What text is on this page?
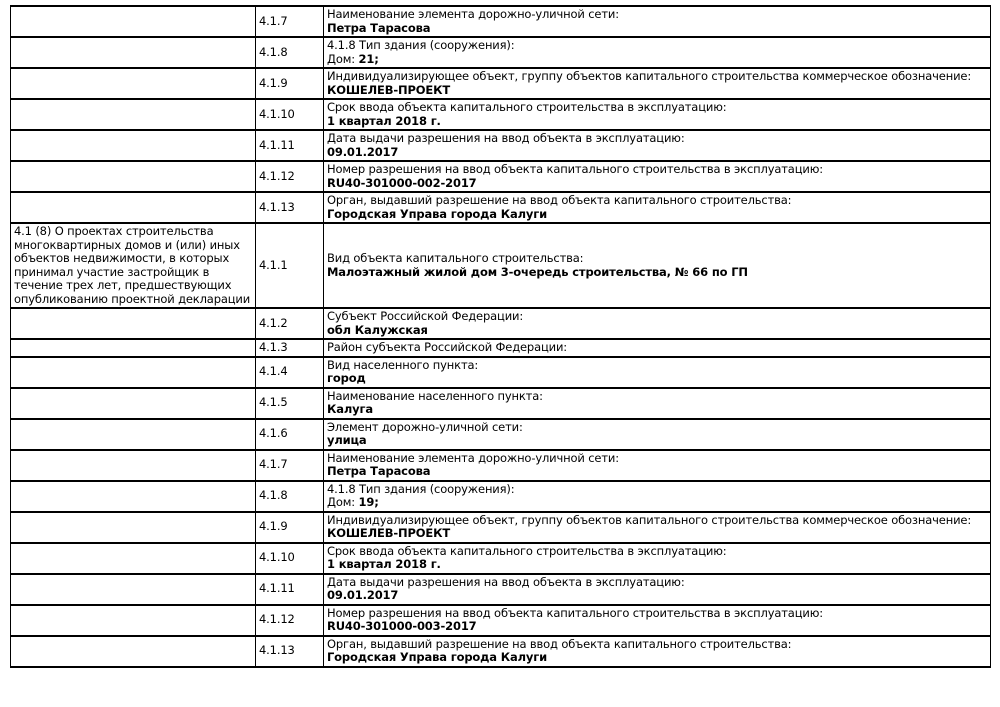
	4.1.7	Наименование элемента дорожно-уличной сети:
Петра Тарасова

	4.1.8	4.1.8 Тип здания (сооружения):
Дом: 21;

	4.1.9	Индивидуализирующее объект, группу объектов капитального строительства коммерческое обозначение:
КОШЕЛЕВ-ПРОЕКТ

	4.1.10	Срок ввода объекта капитального строительства в эксплуатацию:
1 квартал 2018 г.

	4.1.11	Дата выдачи разрешения на ввод объекта в эксплуатацию:
09.01.2017

	4.1.12	Номер разрешения на ввод объекта капитального строительства в эксплуатацию:
RU40-301000-002-2017

	4.1.13	Орган, выдавший разрешение на ввод объекта капитального строительства:
Городская Управа города Калуги

4.1 (8) О проектах строительства многоквартирных домов и (или) иных объектов недвижимости, в которых принимал участие застройщик в течение трех лет, предшествующих опубликованию проектной декларации	4.1.1	Вид объекта капитального строительства:
Малоэтажный жилой дом 3-очередь строительства, № 66 по ГП

	4.1.2	Субъект Российской Федерации:
обл Калужская

	4.1.3	Район субъекта Российской Федерации:

	4.1.4	Вид населенного пункта:
город

	4.1.5	Наименование населенного пункта:
Калуга

	4.1.6	Элемент дорожно-уличной сети:
улица

	4.1.7	Наименование элемента дорожно-уличной сети:
Петра Тарасова

	4.1.8	4.1.8 Тип здания (сооружения):
Дом: 19;

	4.1.9	Индивидуализирующее объект, группу объектов капитального строительства коммерческое обозначение:
КОШЕЛЕВ-ПРОЕКТ

	4.1.10	Срок ввода объекта капитального строительства в эксплуатацию:
1 квартал 2018 г.

	4.1.11	Дата выдачи разрешения на ввод объекта в эксплуатацию:
09.01.2017

	4.1.12	Номер разрешения на ввод объекта капитального строительства в эксплуатацию:
RU40-301000-003-2017

	4.1.13	Орган, выдавший разрешение на ввод объекта капитального строительства:
Городская Управа города Калуги
